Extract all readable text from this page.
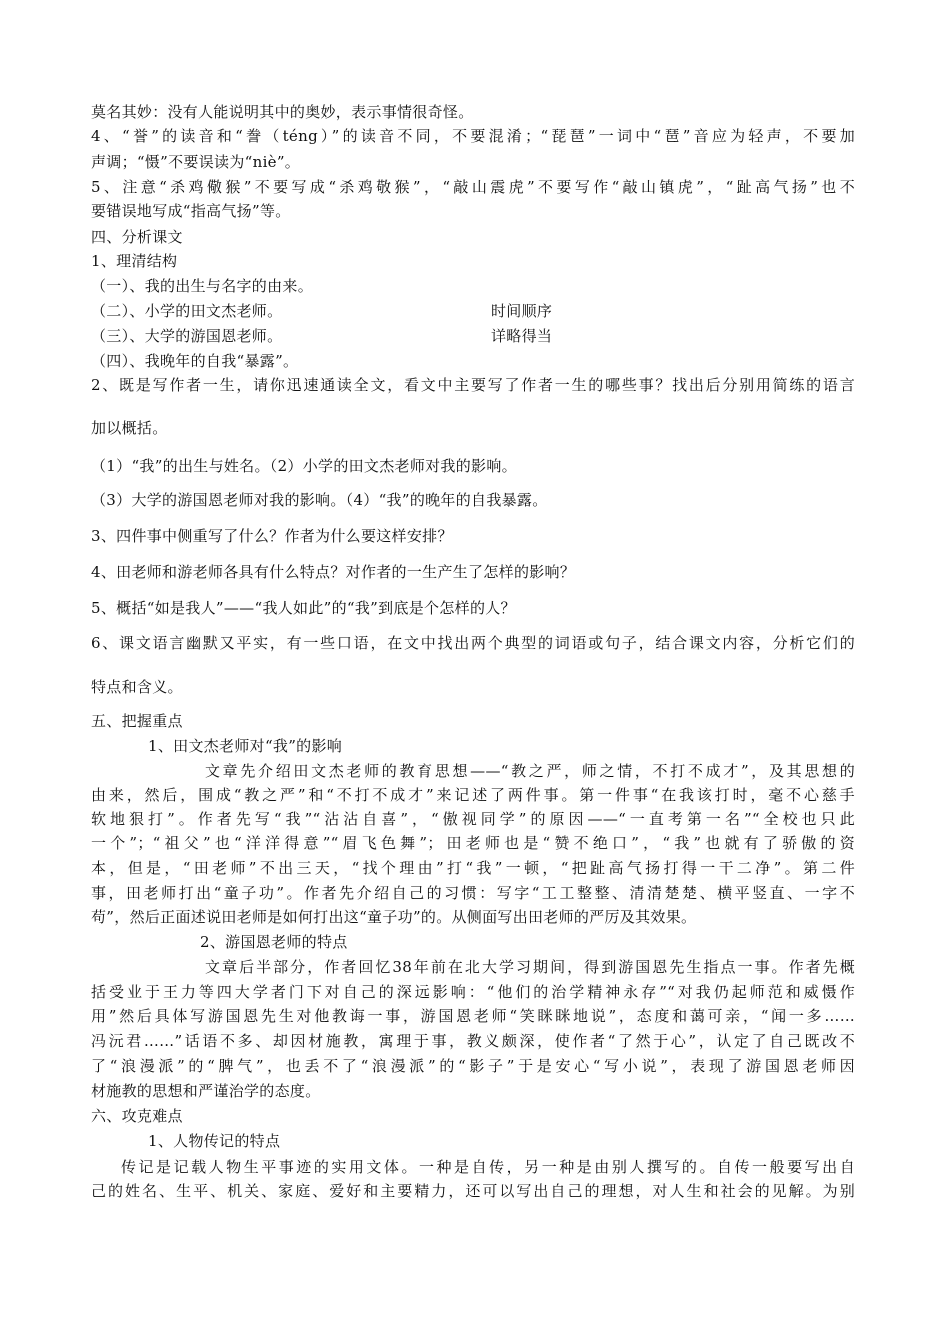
莫名其妙：没有人能说明其中的奥妙，表示事情很奇怪。
4、“誉”的读音和“誊（téng）”的读音不同，不要混淆；“琵琶”一词中“琶”音应为轻声，不要加
声调；“慑”不要误读为“niè”。
5、注意“杀鸡儆猴”不要写成“杀鸡敬猴”，“敲山震虎”不要写作“敲山镇虎”，“趾高气扬”也不
要错误地写成“指高气扬”等。
四、分析课文
1、理清结构
（一）、我的出生与名字的由来。
（二）、小学的田文杰老师。	时间顺序
（三）、大学的游国恩老师。	详略得当
（四）、我晚年的自我“暴露”。
2、既是写作者一生，请你迅速通读全文，看文中主要写了作者一生的哪些事？找出后分别用简练的语言
加以概括。
（1）“我”的出生与姓名。（2）小学的田文杰老师对我的影响。
（3）大学的游国恩老师对我的影响。（4）“我”的晚年的自我暴露。
3、四件事中侧重写了什么？作者为什么要这样安排？
4、田老师和游老师各具有什么特点？对作者的一生产生了怎样的影响？
5、概括“如是我人”——“我人如此”的“我”到底是个怎样的人？
6、课文语言幽默又平实，有一些口语，在文中找出两个典型的词语或句子，结合课文内容，分析它们的
特点和含义。
五、把握重点
1、田文杰老师对“我”的影响
文章先介绍田文杰老师的教育思想——“教之严，师之情，不打不成才”，及其思想的
由来，然后，围成“教之严”和“不打不成才”来记述了两件事。第一件事“在我该打时，毫不心慈手
软地狠打”。作者先写“我”“沾沾自喜”，“傲视同学”的原因——“一直考第一名”“全校也只此
一个”；“祖父”也“洋洋得意”“眉飞色舞”；田老师也是“赞不绝口”，“我”也就有了骄傲的资
本，但是，“田老师”不出三天，“找个理由”打“我”一顿，“把趾高气扬打得一干二净”。第二件
事，田老师打出“童子功”。作者先介绍自己的习惯：写字“工工整整、清清楚楚、横平竖直、一字不
苟”，然后正面述说田老师是如何打出这“童子功”的。从侧面写出田老师的严厉及其效果。
2、游国恩老师的特点
文章后半部分，作者回忆38年前在北大学习期间，得到游国恩先生指点一事。作者先概
括受业于王力等四大学者门下对自己的深远影响：“他们的治学精神永存”“对我仍起师范和威慑作
用”然后具体写游国恩先生对他教诲一事，游国恩老师“笑眯眯地说”，态度和蔼可亲，“闻一多……
冯沅君……”话语不多、却因材施教，寓理于事，教义颇深，使作者“了然于心”，认定了自己既改不
了“浪漫派”的“脾气”，也丢不了“浪漫派”的“影子”于是安心“写小说”，表现了游国恩老师因
材施教的思想和严谨治学的态度。
六、攻克难点
1、人物传记的特点
传记是记载人物生平事迹的实用文体。一种是自传，另一种是由别人撰写的。自传一般要写出自
己的姓名、生平、机关、家庭、爱好和主要精力，还可以写出自己的理想，对人生和社会的见解。为别
